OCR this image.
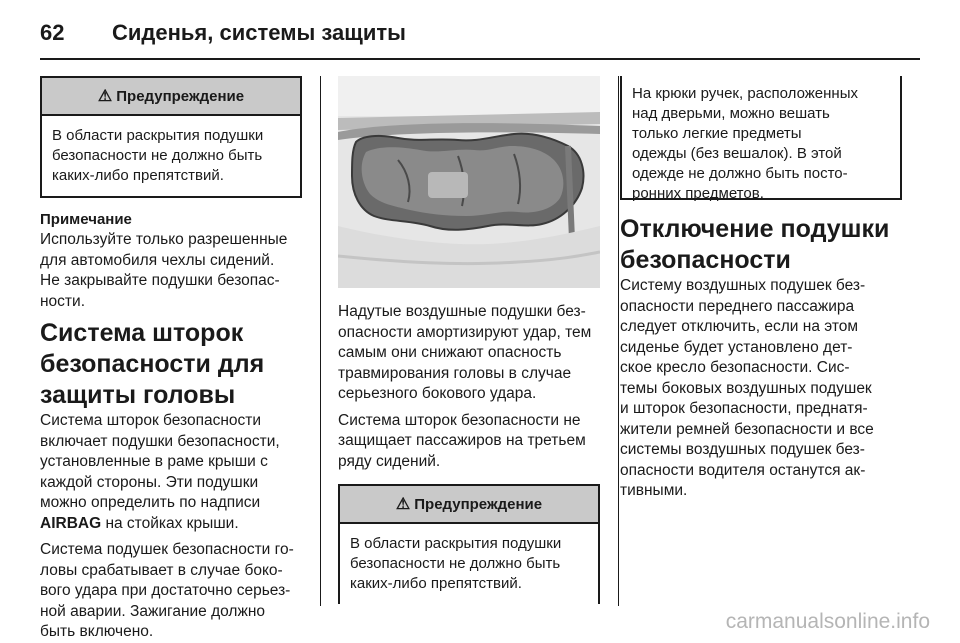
62 Сиденья, системы защиты
⚠ Предупреждение
В области раскрытия подушки
безопасности не должно быть
каких-либо препятствий.
Примечание

Используйте только разрешенные
для автомобиля чехлы сидений.
Не закрывайте подушки безопас-
ности.

Система шторок
безопасности для
защиты головы

Система шторок безопасности
включает подушки безопасности,
установленные в раме крыши с
каждой стороны. Эти подушки
можно определить по надписи
AIRBAG на стойках крыши.

Система подушек безопасности го-
ловы срабатывает в случае боко-
вого удара при достаточно серьез-
ной аварии. Зажигание должно
быть включено.

Надутые воздушные подушки без-
опасности амортизируют удар, тем
самым они снижают опасность
травмирования головы в случае
серьезного бокового удара.

Система шторок безопасности не
защищает пассажиров на третьем
ряду сидений.

⚠ Предупреждение
В области раскрытия подушки
безопасности не должно быть
каких-либо препятствий.
На крюки ручек, расположенных
над дверьми, можно вешать
только легкие предметы
одежды (без вешалок). В этой
одежде не должно быть посто-
ронних предметов.
Отключение подушки
безопасности

Систему воздушных подушек без-
опасности переднего пассажира
следует отключить, если на этом
сиденье будет установлено дет-
ское кресло безопасности. Сис-
темы боковых воздушных подушек
и шторок безопасности, преднатя-
жители ремней безопасности и все
системы воздушных подушек без-
опасности водителя останутся ак-
тивными.

carmanualsonline.info
